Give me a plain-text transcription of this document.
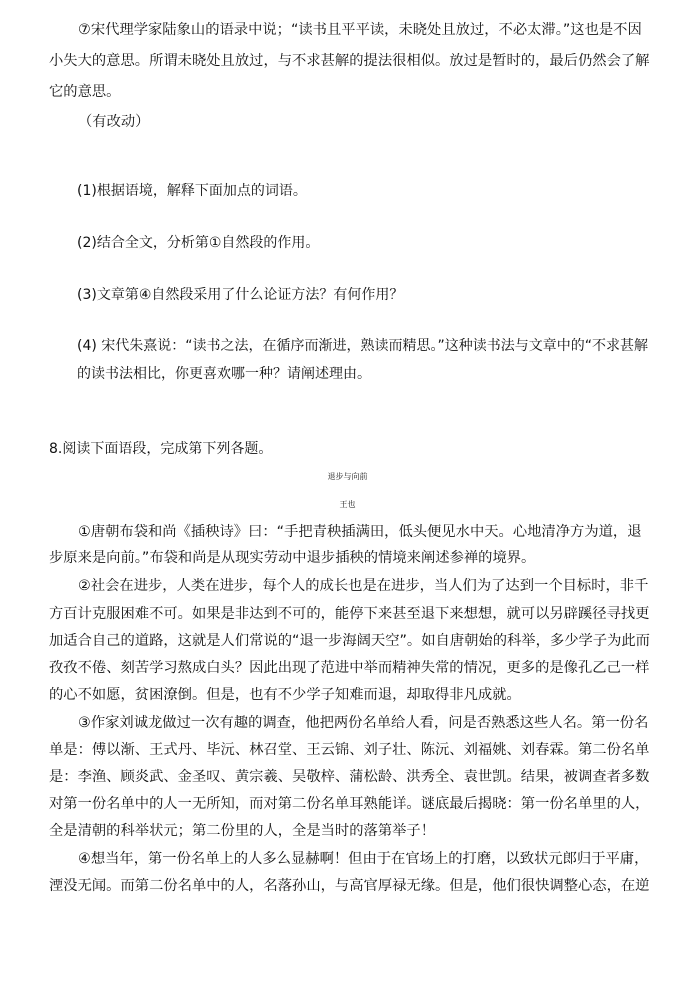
⑦宋代理学家陆象山的语录中说；“读书且平平读，未晓处且放过，不必太滞。”这也是不因
小失大的意思。所谓未晓处且放过，与不求甚解的提法很相似。放过是暂时的，最后仍然会了解
它的意思。
（有改动）
(1)根据语境，解释下面加点的词语。
(2)结合全文，分析第①自然段的作用。
(3)文章第④自然段采用了什么论证方法？有何作用？
(4) 宋代朱熹说：“读书之法，在循序而渐进，熟读而精思。”这种读书法与文章中的“不求甚解
的读书法相比，你更喜欢哪一种？请阐述理由。
8.阅读下面语段，完成第下列各题。
退步与向前
王也
①唐朝布袋和尚《插秧诗》曰：“手把青秧插满田，低头便见水中天。心地清净方为道，退
步原来是向前。”布袋和尚是从现实劳动中退步插秧的情境来阐述参禅的境界。
②社会在进步，人类在进步，每个人的成长也是在进步，当人们为了达到一个目标时，非千
方百计克服困难不可。如果是非达到不可的，能停下来甚至退下来想想，就可以另辟蹊径寻找更
加适合自己的道路，这就是人们常说的“退一步海阔天空”。如自唐朝始的科举，多少学子为此而
孜孜不倦、刻苦学习熬成白头？因此出现了范进中举而精神失常的情况，更多的是像孔乙己一样
的心不如愿，贫困潦倒。但是，也有不少学子知难而退，却取得非凡成就。
③作家刘诚龙做过一次有趣的调查，他把两份名单给人看，问是否熟悉这些人名。第一份名
单是：傅以渐、王式丹、毕沅、林召堂、王云锦、刘子壮、陈沅、刘福姚、刘春霖。第二份名单
是：李渔、顾炎武、金圣叹、黄宗羲、吴敬梓、蒲松龄、洪秀全、袁世凯。结果，被调查者多数
对第一份名单中的人一无所知，而对第二份名单耳熟能详。谜底最后揭晓：第一份名单里的人，
全是清朝的科举状元；第二份里的人，全是当时的落第举子！
④想当年，第一份名单上的人多么显赫啊！但由于在官场上的打磨，以致状元郎归于平庸，
湮没无闻。而第二份名单中的人，名落孙山，与高官厚禄无缘。但是，他们很快调整心态，在逆
